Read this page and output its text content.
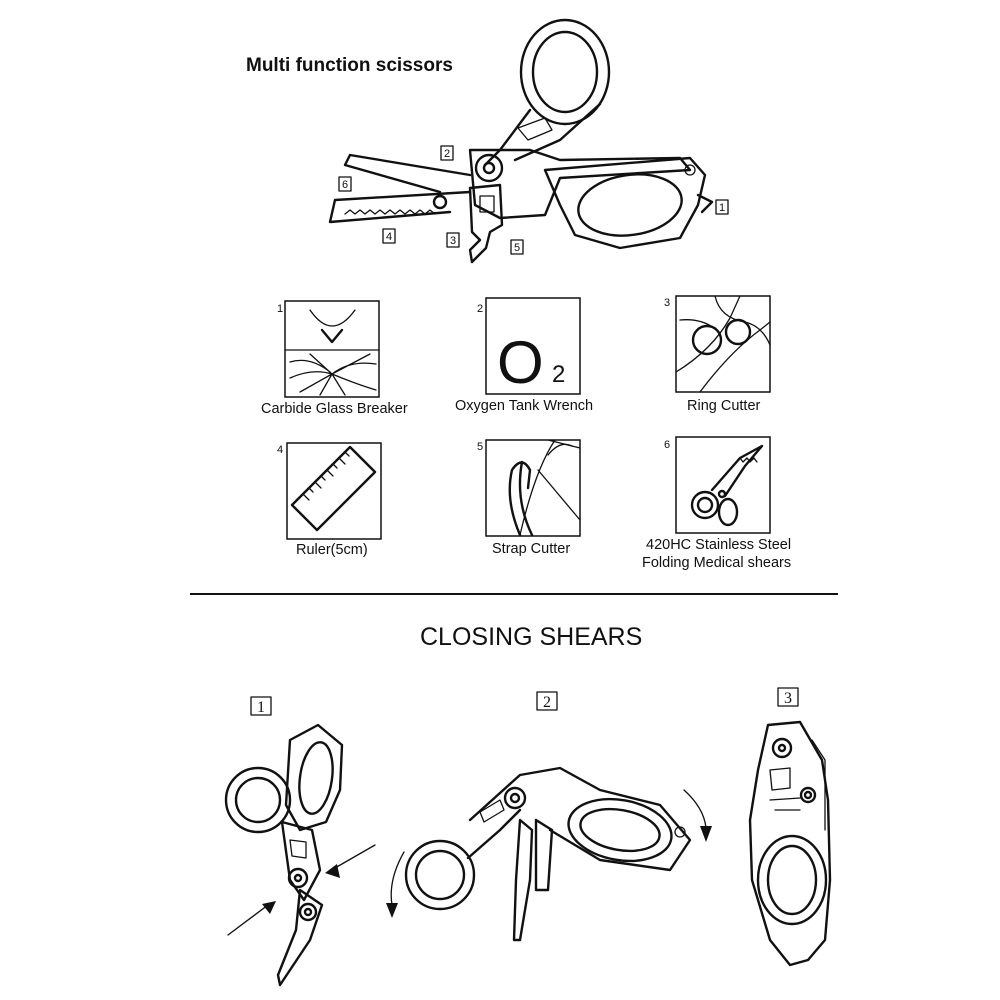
Multi function scissors
1
2
3
4
5
6
1
Carbide Glass Breaker
2
O 2
Oxygen Tank Wrench
3
Ring Cutter
4
Ruler(5cm)
5
Strap Cutter
6
420HC Stainless Steel
Folding Medical shears
CLOSING SHEARS
1	2	3
